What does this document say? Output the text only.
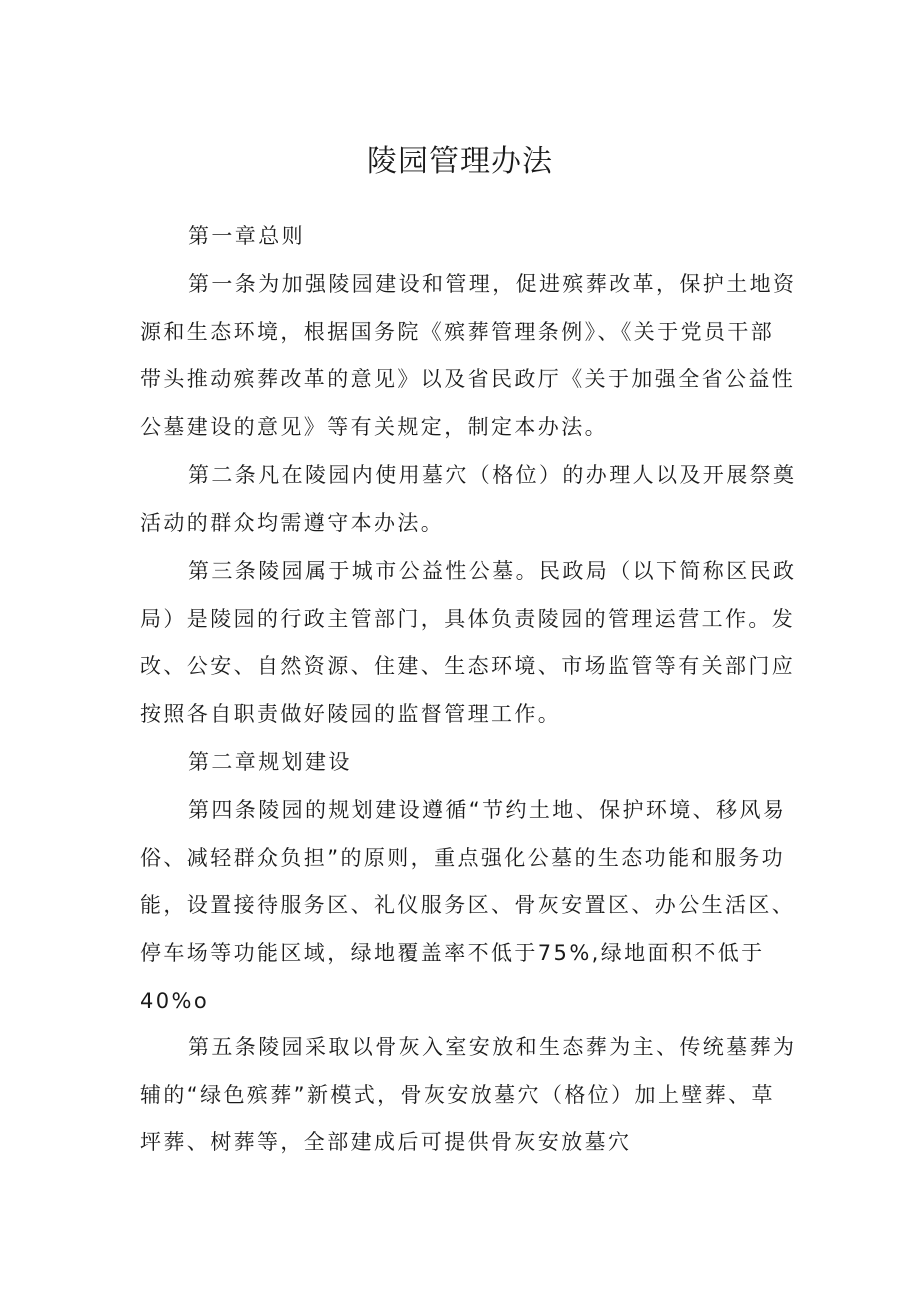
陵园管理办法
第一章总则
第一条为加强陵园建设和管理，促进殡葬改革，保护土地资
源和生态环境，根据国务院《殡葬管理条例》、《关于党员干部
带头推动殡葬改革的意见》以及省民政厅《关于加强全省公益性
公墓建设的意见》等有关规定，制定本办法。
第二条凡在陵园内使用墓穴（格位）的办理人以及开展祭奠
活动的群众均需遵守本办法。
第三条陵园属于城市公益性公墓。民政局（以下简称区民政
局）是陵园的行政主管部门，具体负责陵园的管理运营工作。发
改、公安、自然资源、住建、生态环境、市场监管等有关部门应
按照各自职责做好陵园的监督管理工作。
第二章规划建设
第四条陵园的规划建设遵循“节约土地、保护环境、移风易
俗、减轻群众负担”的原则，重点强化公墓的生态功能和服务功
能，设置接待服务区、礼仪服务区、骨灰安置区、办公生活区、
停车场等功能区域，绿地覆盖率不低于75%,绿地面积不低于
40%o
第五条陵园采取以骨灰入室安放和生态葬为主、传统墓葬为
辅的“绿色殡葬”新模式，骨灰安放墓穴（格位）加上壁葬、草
坪葬、树葬等，全部建成后可提供骨灰安放墓穴
